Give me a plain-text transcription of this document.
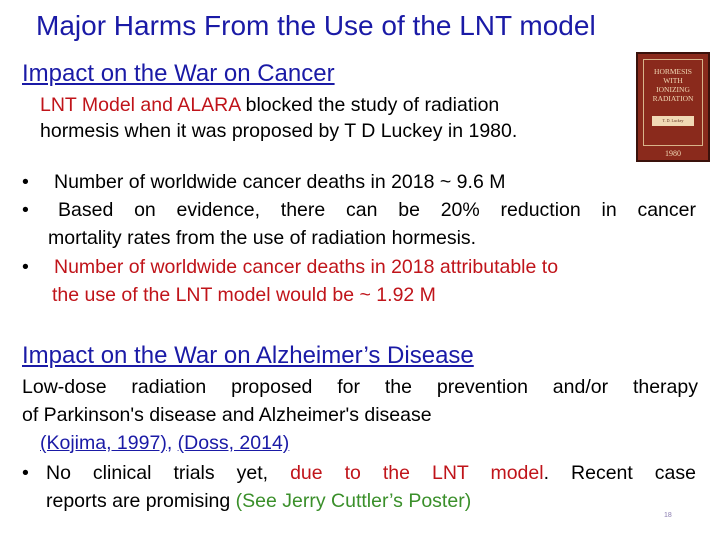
Major Harms From the Use of the LNT model
Impact on the War on Cancer
LNT Model and ALARA blocked the study of radiation
hormesis when it was proposed by T D Luckey in 1980.
• Number of worldwide cancer deaths in 2018 ~ 9.6 M
• Based on evidence, there can be 20% reduction in cancer
mortality rates from the use of radiation hormesis.
• Number of worldwide cancer deaths in 2018 attributable to
the use of the LNT model would be ~ 1.92 M
HORMESIS
WITH
IONIZING
RADIATION
T. D. Luckey
1980
Impact on the War on Alzheimer’s Disease
Low-dose radiation proposed for the prevention and/or therapy
of Parkinson's disease and Alzheimer's disease
(Kojima, 1997), (Doss, 2014)
• No clinical trials yet, due to the LNT model. Recent case
reports are promising (See Jerry Cuttler’s Poster)
18
